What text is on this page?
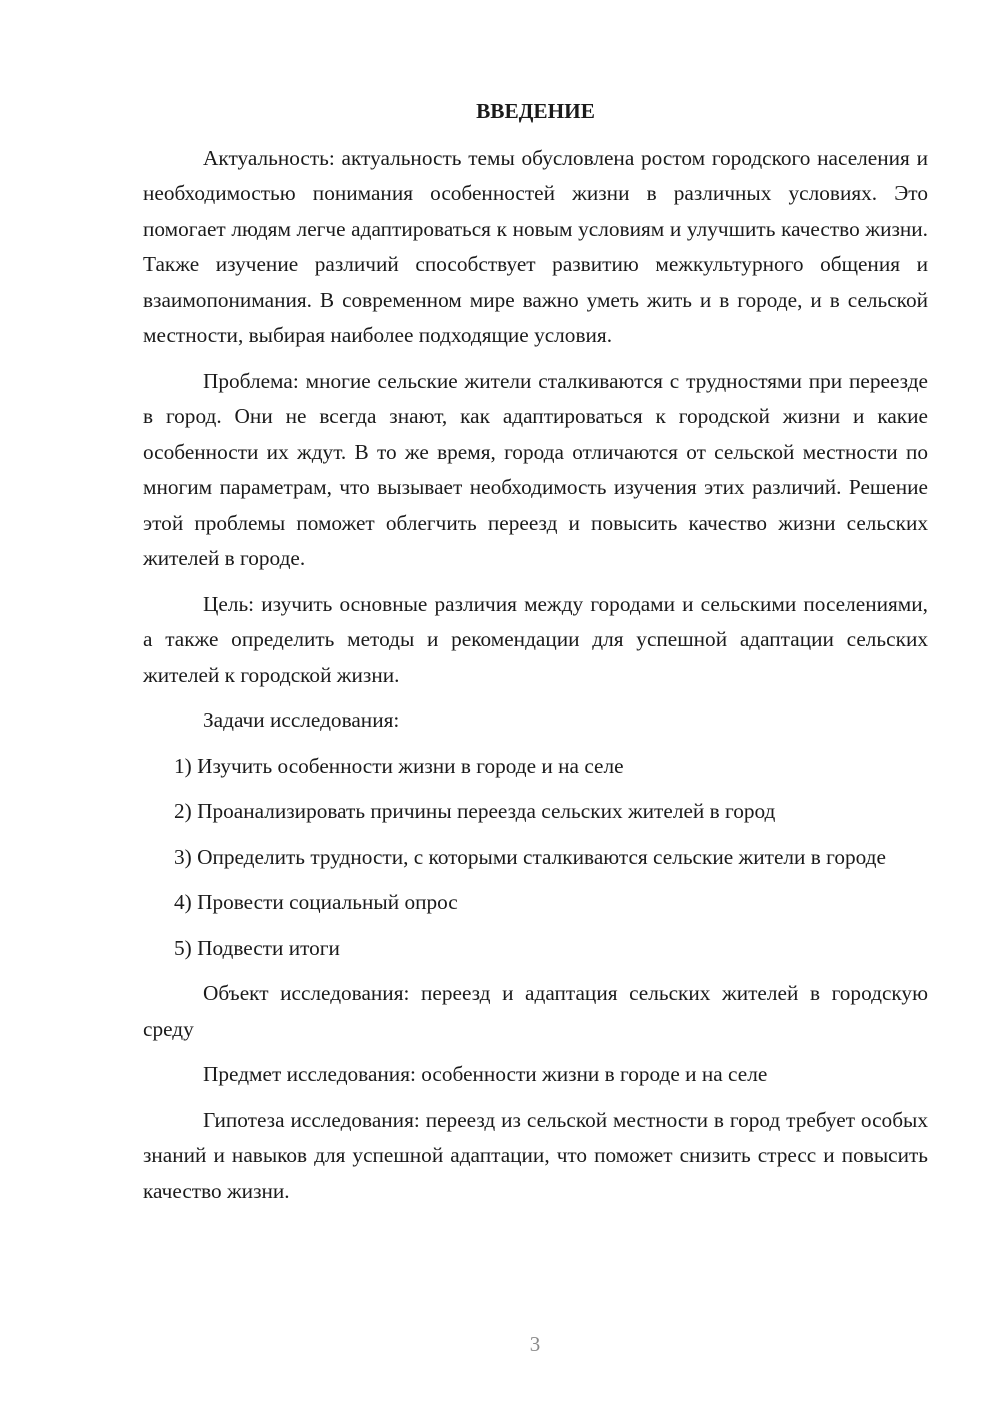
ВВЕДЕНИЕ

Актуальность: актуальность темы обусловлена ростом городского населения и необходимостью понимания особенностей жизни в различных условиях. Это помогает людям легче адаптироваться к новым условиям и улучшить качество жизни. Также изучение различий способствует развитию межкультурного общения и взаимопонимания. В современном мире важно уметь жить и в городе, и в сельской местности, выбирая наиболее подходящие условия.

Проблема: многие сельские жители сталкиваются с трудностями при переезде в город. Они не всегда знают, как адаптироваться к городской жизни и какие особенности их ждут. В то же время, города отличаются от сельской местности по многим параметрам, что вызывает необходимость изучения этих различий. Решение этой проблемы поможет облегчить переезд и повысить качество жизни сельских жителей в городе.

Цель: изучить основные различия между городами и сельскими поселениями, а также определить методы и рекомендации для успешной адаптации сельских жителей к городской жизни.

Задачи исследования:

1) Изучить особенности жизни в городе и на селе

2) Проанализировать причины переезда сельских жителей в город

3) Определить трудности, с которыми сталкиваются сельские жители в городе

4) Провести социальный опрос

5) Подвести итоги

Объект исследования: переезд и адаптация сельских жителей в городскую среду

Предмет исследования: особенности жизни в городе и на селе

Гипотеза исследования: переезд из сельской местности в город требует особых знаний и навыков для успешной адаптации, что поможет снизить стресс и повысить качество жизни.

3
